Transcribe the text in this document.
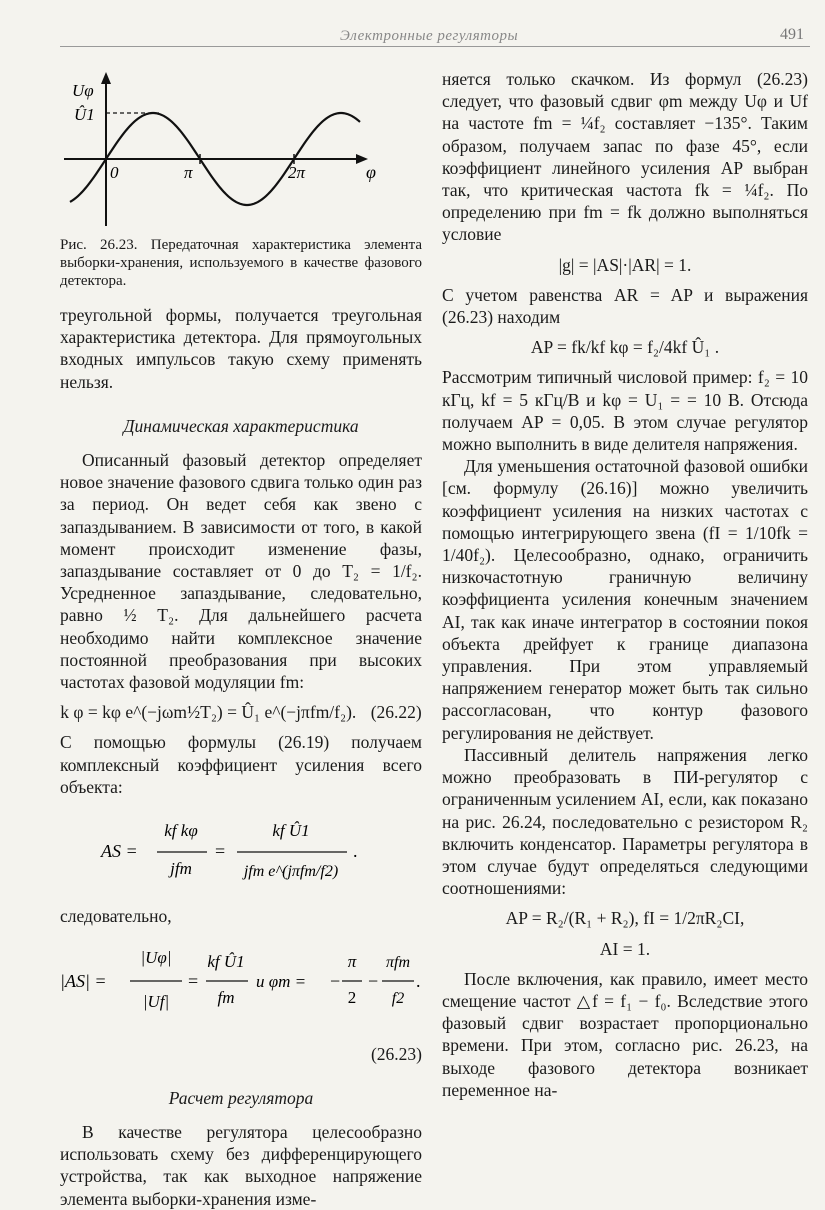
Электронные регуляторы	491
Uφ
Û1
0	π	2π	φ

Рис. 26.23. Передаточная характеристика элемента выборки-хранения, используемого в качестве фазового детектора.

треугольной формы, получается треугольная характеристика детектора. Для прямоугольных входных импульсов такую схему применять нельзя.

Динамическая характеристика

Описанный фазовый детектор определяет новое значение фазового сдвига только один раз за период. Он ведет себя как звено с запаздыванием. В зависимости от того, в какой момент происходит изменение фазы, запаздывание составляет от 0 до T₂ = 1/f₂. Усредненное запаздывание, следовательно, равно ½ T₂. Для дальнейшего расчета необходимо найти комплексное значение постоянной преобразования при высоких частотах фазовой модуляции fm:

k φ = kφ e^(−jωm½T₂) = Û₁ e^(−jπfm/f₂). (26.22)

С помощью формулы (26.19) получаем комплексный коэффициент усиления всего объекта:

AS =
kf kφ
jfm
=
kf Û1
jfm e^(jπfm/f2)
.

следовательно,

|AS| =
|Uφ|
|Uf|
=
kf Û1
fm
и φm = −
π
2
−
πfm
f2
.
(26.23)
Расчет регулятора

В качестве регулятора целесообразно использовать схему без дифференцирующего устройства, так как выходное напряжение элемента выборки-хранения изме-

няется только скачком. Из формул (26.23) следует, что фазовый сдвиг φm между Uφ и Uf на частоте fm = ¼f₂ составляет −135°. Таким образом, получаем запас по фазе 45°, если коэффициент линейного усиления AP выбран так, что критическая частота fk = ¼f₂. По определению при fm = fk должно выполняться условие

|g| = |AS|·|AR| = 1.

С учетом равенства AR = AP и выражения (26.23) находим

AP = fk/kf kφ = f₂/4kf Û₁ .

Рассмотрим типичный числовой пример: f₂ = 10 кГц, kf = 5 кГц/В и kφ = U₁ = = 10 В. Отсюда получаем AP = 0,05. В этом случае регулятор можно выполнить в виде делителя напряжения.

Для уменьшения остаточной фазовой ошибки [см. формулу (26.16)] можно увеличить коэффициент усиления на низких частотах с помощью интегрирующего звена (fI = 1/10fk = 1/40f₂). Целесообразно, однако, ограничить низкочастотную граничную величину коэффициента усиления конечным значением AI, так как иначе интегратор в состоянии покоя объекта дрейфует к границе диапазона управления. При этом управляемый напряжением генератор может быть так сильно рассогласован, что контур фазового регулирования не действует.

Пассивный делитель напряжения легко можно преобразовать в ПИ-регулятор с ограниченным усилением AI, если, как показано на рис. 26.24, последовательно с резистором R₂ включить конденсатор. Параметры регулятора в этом случае будут определяться следующими соотношениями:

AP = R₂/(R₁ + R₂), fI = 1/2πR₂CI,
AI = 1.

После включения, как правило, имеет место смещение частот △f = f₁ − f₀. Вследствие этого фазовый сдвиг возрастает пропорционально времени. При этом, согласно рис. 26.23, на выходе фазового детектора возникает переменное на-
